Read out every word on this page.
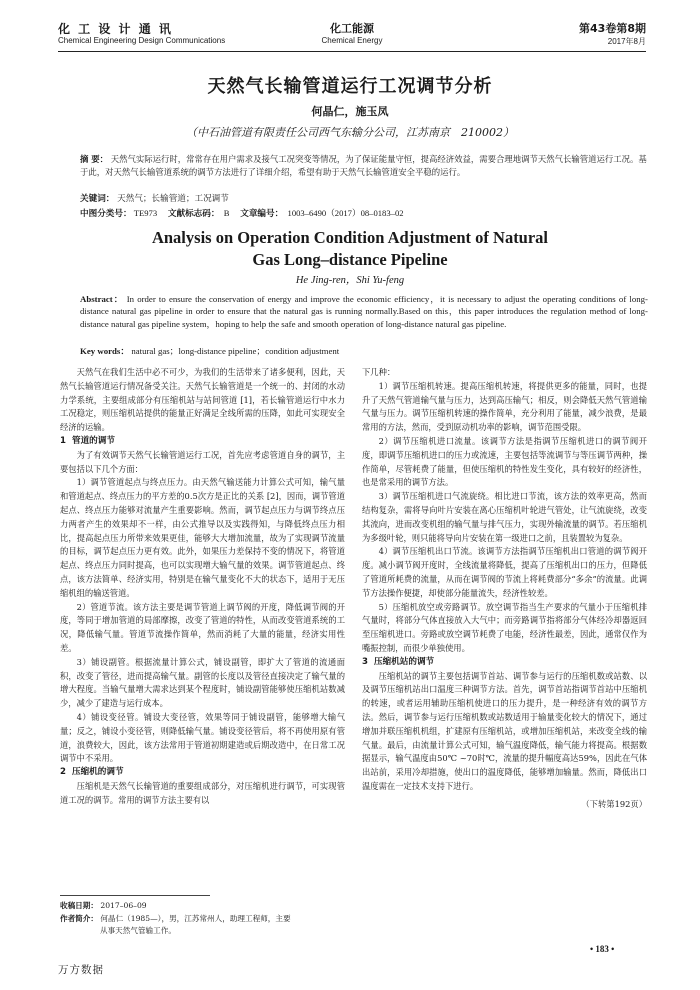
化 工 设 计 通 讯
Chemical Engineering Design Communications
化工能源
Chemical Energy
第43卷第8期
2017年8月
天然气长输管道运行工况调节分析
何晶仁，施玉凤
（中石油管道有限责任公司西气东输分公司，江苏南京　210002）
摘 要： 天然气实际运行时，常常存在用户需求及接气工况突变等情况，为了保证能量守恒，提高经济效益，需要合理地调节天然气长输管道运行工况。基于此，对天然气长输管道系统的调节方法进行了详细介绍，希望有助于天然气长输管道安全平稳的运行。
关键词： 天然气；长输管道；工况调节
中图分类号： TE973 文献标志码： B 文章编号： 1003–6490（2017）08–0183–02
Analysis on Operation Condition Adjustment of Natural
Gas Long–distance Pipeline
He Jing-ren，Shi Yu-feng
Abstract： In order to ensure the conservation of energy and improve the economic efficiency，it is necessary to adjust the operating conditions of long-distance natural gas pipeline in order to ensure that the natural gas is running normally.Based on this，this paper introduces the regulation method of long-distance natural gas pipeline system，hoping to help the safe and smooth operation of long-distance natural gas pipeline.
Key words： natural gas；long-distance pipeline；condition adjustment

天然气在我们生活中必不可少，为我们的生活带来了诸多便利，因此，天然气长输管道运行情况备受关注。天然气长输管道是一个统一的、封闭的水动力学系统，主要组成部分有压缩机站与站间管道 [1]，若长输管道运行中水力工况稳定，则压缩机站提供的能量正好满足全线所需的压降，如此可实现安全经济的运输。

1 管道的调节

为了有效调节天然气长输管道运行工况，首先应考虑管道自身的调节，主要包括以下几个方面：

1）调节管道起点与终点压力。由天然气输送能力计算公式可知，输气量和管道起点、终点压力的平方差的0.5次方是正比的关系 [2]，因而，调节管道起点、终点压力能够对流量产生重要影响。然而，调节起点压力与调节终点压力两者产生的效果却不一样，由公式推导以及实践得知，与降低终点压力相比，提高起点压力所带来效果更佳，能够大大增加流量，故为了实现调节流量的目标，调节起点压力更有效。此外，如果压力差保持不变的情况下，将管道起点、终点压力同时提高，也可以实现增大输气量的效果。调节管道起点、终点，该方法简单、经济实用，特别是在输气量变化不大的状态下，适用于无压缩机组的输送管道。

2）管道节流。该方法主要是调节管道上调节阀的开度，降低调节阀的开度，等同于增加管道的局部摩擦，改变了管道的特性，从而改变管道系统的工况，降低输气量。管道节流操作简单，然而消耗了大量的能量，经济实用性差。

3）铺设副管。根据流量计算公式，铺设副管，即扩大了管道的流通面积，改变了管径，进而提高输气量。副管的长度以及管径直接决定了输气量的增大程度。当输气量增大需求达到某个程度时，铺设副管能够使压缩机站数减少，减少了建造与运行成本。

4）铺设变径管。铺设大变径管，效果等同于铺设副管，能够增大输气量；反之，铺设小变径管，则降低输气量。铺设变径管后，将不再使用原有管道，浪费较大，因此，该方法常用于管道初期建造或后期改造中，在日常工况调节中不采用。

2 压缩机的调节

压缩机是天然气长输管道的重要组成部分，对压缩机进行调节，可实现管道工况的调节。常用的调节方法主要有以

下几种：

1）调节压缩机转速。提高压缩机转速，将提供更多的能量，同时，也提升了天然气管道输气量与压力，达到高压输气；相反，则会降低天然气管道输气量与压力。调节压缩机转速的操作简单，充分利用了能量，减少浪费，是最常用的方法，然而，受到原动机功率的影响，调节范围受限。

2）调节压缩机进口流量。该调节方法是指调节压缩机进口的调节阀开度，即调节压缩机进口的压力或流速，主要包括等流调节与等压调节两种，操作简单，尽管耗费了能量，但使压缩机的特性发生变化，具有较好的经济性，也是常采用的调节方法。

3）调节压缩机进口气流旋绕。相比进口节流，该方法的效率更高，然而结构复杂，需将导向叶片安装在离心压缩机叶轮进气管处，让气流旋绕，改变其流向，进而改变机组的输气量与排气压力，实现外输流量的调节。若压缩机为多级叶轮，则只能将导向片安装在第一级进口之前，且装置较为复杂。

4）调节压缩机出口节流。该调节方法指调节压缩机出口管道的调节阀开度。减小调节阀开度时，全线流量将降低，提高了压缩机出口的压力，但降低了管道所耗费的流量，从而在调节阀的节流上将耗费部分“多余”的流量。此调节方法操作便捷，却使部分能量流失，经济性较差。

5）压缩机放空或旁路调节。放空调节指当生产要求的气量小于压缩机排气量时，将部分气体直接放入大气中；而旁路调节指将部分气体经冷却器返回至压缩机进口。旁路或放空调节耗费了电能，经济性最差，因此，通常仅作为嘴振控制，而很少单独使用。

3 压缩机站的调节

压缩机站的调节主要包括调节首站、调节参与运行的压缩机数或站数、以及调节压缩机站出口温度三种调节方法。首先，调节首站指调节首站中压缩机的转速，或者运用辅助压缩机使进口的压力提升，是一种经济有效的调节方法。然后，调节参与运行压缩机数或站数适用于输量变化较大的情况下，通过增加并联压缩机机组，扩建原有压缩机站，或增加压缩机站，来改变全线的输气量。最后，由流量计算公式可知，输气温度降低，输气能力将提高。根据数据显示，输气温度由50℃ ~70时℃，流量的提升幅度高达59%，因此在气体出站前，采用冷却措施，使出口的温度降低，能够增加输量。然而，降低出口温度需在一定技术支持下进行。

（下转第192页）
收稿日期： 2017–06–09
作者简介： 何晶仁（1985—），男，江苏常州人，助理工程师，主要
从事天然气管输工作。
• 183 •
万方数据
